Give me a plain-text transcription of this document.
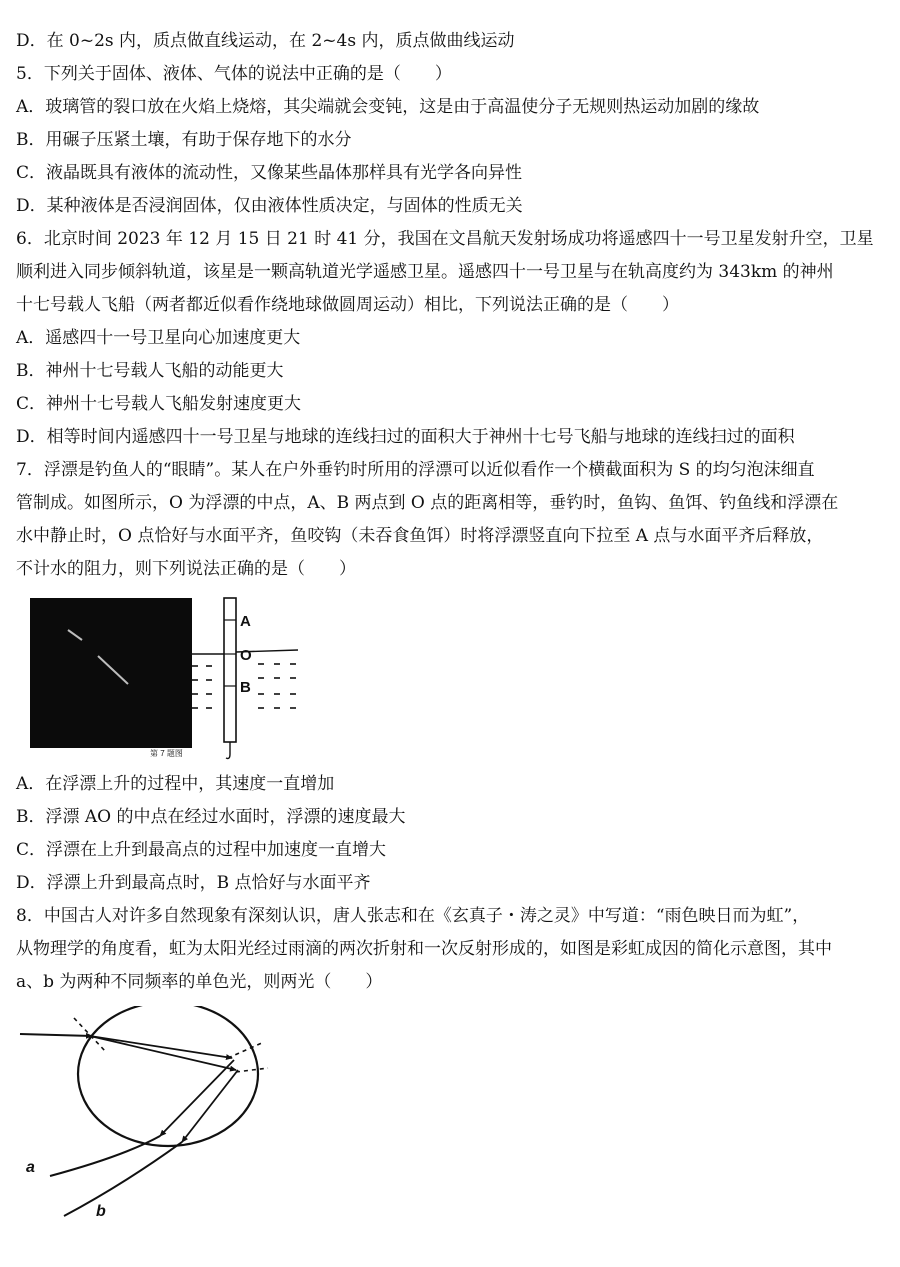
D．在 0~2s 内，质点做直线运动，在 2~4s 内，质点做曲线运动
5．下列关于固体、液体、气体的说法中正确的是（　　）
A．玻璃管的裂口放在火焰上烧熔，其尖端就会变钝，这是由于高温使分子无规则热运动加剧的缘故
B．用碾子压紧土壤，有助于保存地下的水分
C．液晶既具有液体的流动性，又像某些晶体那样具有光学各向异性
D．某种液体是否浸润固体，仅由液体性质决定，与固体的性质无关
6．北京时间 2023 年 12 月 15 日 21 时 41 分，我国在文昌航天发射场成功将遥感四十一号卫星发射升空，卫星
顺利进入同步倾斜轨道，该星是一颗高轨道光学遥感卫星。遥感四十一号卫星与在轨高度约为 343km 的神州
十七号载人飞船（两者都近似看作绕地球做圆周运动）相比，下列说法正确的是（　　）
A．遥感四十一号卫星向心加速度更大
B．神州十七号载人飞船的动能更大
C．神州十七号载人飞船发射速度更大
D．相等时间内遥感四十一号卫星与地球的连线扫过的面积大于神州十七号飞船与地球的连线扫过的面积
7．浮漂是钓鱼人的“眼睛”。某人在户外垂钓时所用的浮漂可以近似看作一个横截面积为 S 的均匀泡沫细直
管制成。如图所示，O 为浮漂的中点，A、B 两点到 O 点的距离相等，垂钓时，鱼钩、鱼饵、钓鱼线和浮漂在
水中静止时，O 点恰好与水面平齐，鱼咬钩（未吞食鱼饵）时将浮漂竖直向下拉至 A 点与水面平齐后释放，
不计水的阻力，则下列说法正确的是（　　）
第 7 题图
A
O
B
A．在浮漂上升的过程中，其速度一直增加
B．浮漂 AO 的中点在经过水面时，浮漂的速度最大
C．浮漂在上升到最高点的过程中加速度一直增大
D．浮漂上升到最高点时，B 点恰好与水面平齐
8．中国古人对许多自然现象有深刻认识，唐人张志和在《玄真子・涛之灵》中写道：“雨色映日而为虹”，
从物理学的角度看，虹为太阳光经过雨滴的两次折射和一次反射形成的，如图是彩虹成因的简化示意图，其中
a、b 为两种不同频率的单色光，则两光（　　）
a
b
